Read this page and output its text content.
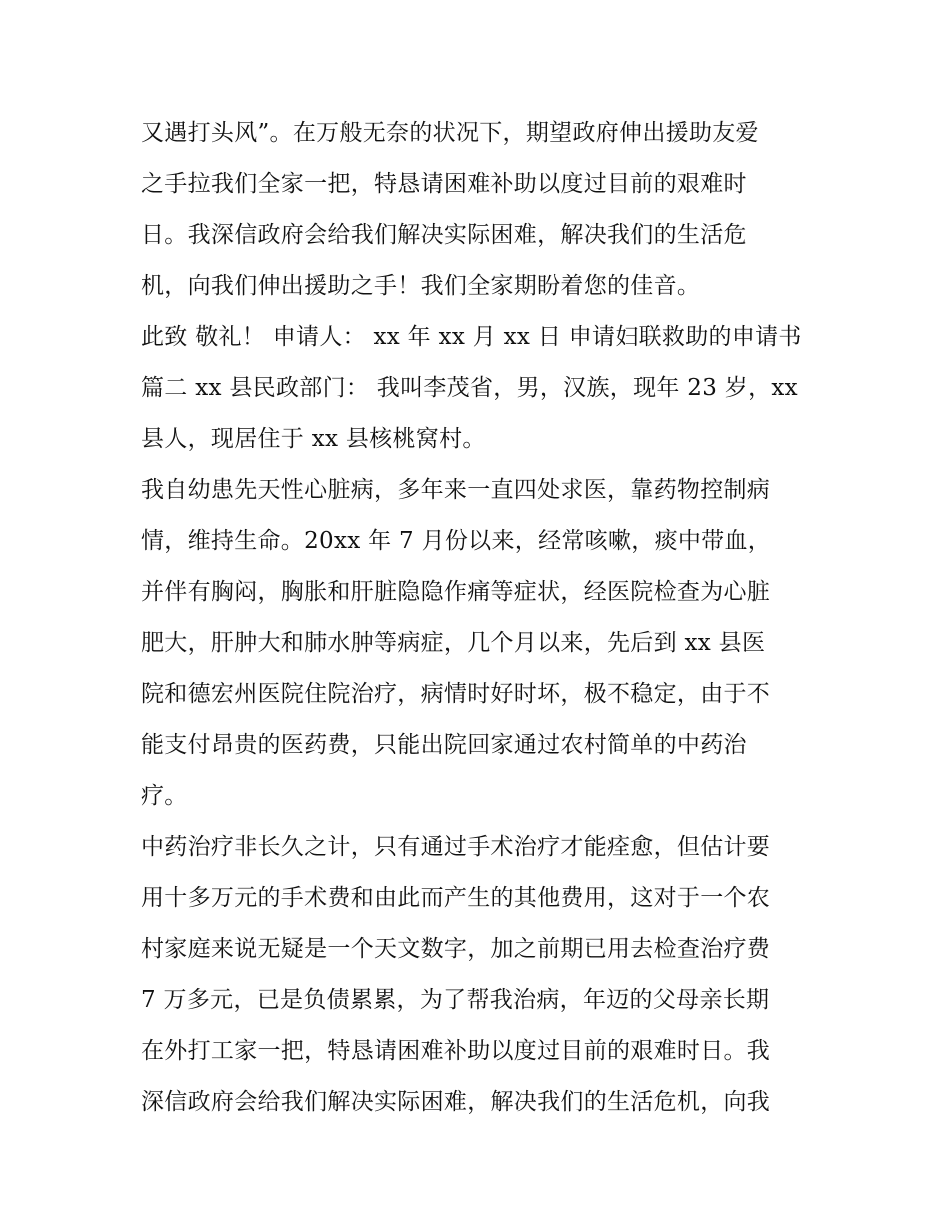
又遇打头风”。在万般无奈的状况下，期望政府伸出援助友爱
之手拉我们全家一把，特恳请困难补助以度过目前的艰难时
日。我深信政府会给我们解决实际困难，解决我们的生活危
机，向我们伸出援助之手！我们全家期盼着您的佳音。
此致 敬礼！ 申请人： xx 年 xx 月 xx 日 申请妇联救助的申请书
篇二 xx 县民政部门： 我叫李茂省，男，汉族，现年 23 岁，xx
县人，现居住于 xx 县核桃窝村。
我自幼患先天性心脏病，多年来一直四处求医，靠药物控制病
情，维持生命。20xx 年 7 月份以来，经常咳嗽，痰中带血，
并伴有胸闷，胸胀和肝脏隐隐作痛等症状，经医院检查为心脏
肥大，肝肿大和肺水肿等病症，几个月以来，先后到 xx 县医
院和德宏州医院住院治疗，病情时好时坏，极不稳定，由于不
能支付昂贵的医药费，只能出院回家通过农村简单的中药治
疗。
中药治疗非长久之计，只有通过手术治疗才能痊愈，但估计要
用十多万元的手术费和由此而产生的其他费用，这对于一个农
村家庭来说无疑是一个天文数字，加之前期已用去检查治疗费
7 万多元，已是负债累累，为了帮我治病，年迈的父母亲长期
在外打工家一把，特恳请困难补助以度过目前的艰难时日。我
深信政府会给我们解决实际困难，解决我们的生活危机，向我
